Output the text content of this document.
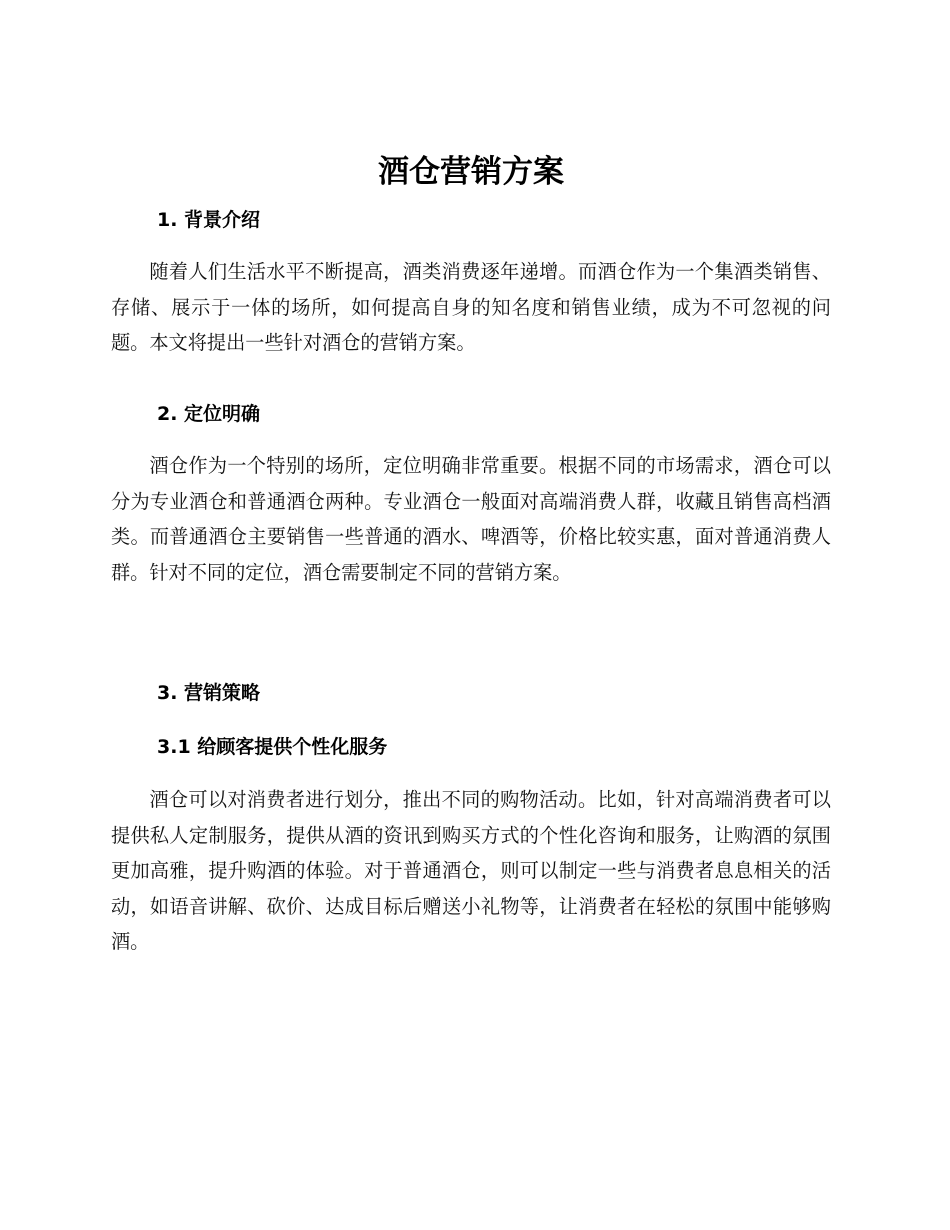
酒仓营销方案
1. 背景介绍

随着人们生活水平不断提高，酒类消费逐年递增。而酒仓作为一个集酒类销售、存储、展示于一体的场所，如何提高自身的知名度和销售业绩，成为不可忽视的问题。本文将提出一些针对酒仓的营销方案。

2. 定位明确

酒仓作为一个特别的场所，定位明确非常重要。根据不同的市场需求，酒仓可以分为专业酒仓和普通酒仓两种。专业酒仓一般面对高端消费人群，收藏且销售高档酒类。而普通酒仓主要销售一些普通的酒水、啤酒等，价格比较实惠，面对普通消费人群。针对不同的定位，酒仓需要制定不同的营销方案。

3. 营销策略
3.1 给顾客提供个性化服务

酒仓可以对消费者进行划分，推出不同的购物活动。比如，针对高端消费者可以提供私人定制服务，提供从酒的资讯到购买方式的个性化咨询和服务，让购酒的氛围更加高雅，提升购酒的体验。对于普通酒仓，则可以制定一些与消费者息息相关的活动，如语音讲解、砍价、达成目标后赠送小礼物等，让消费者在轻松的氛围中能够购酒。
